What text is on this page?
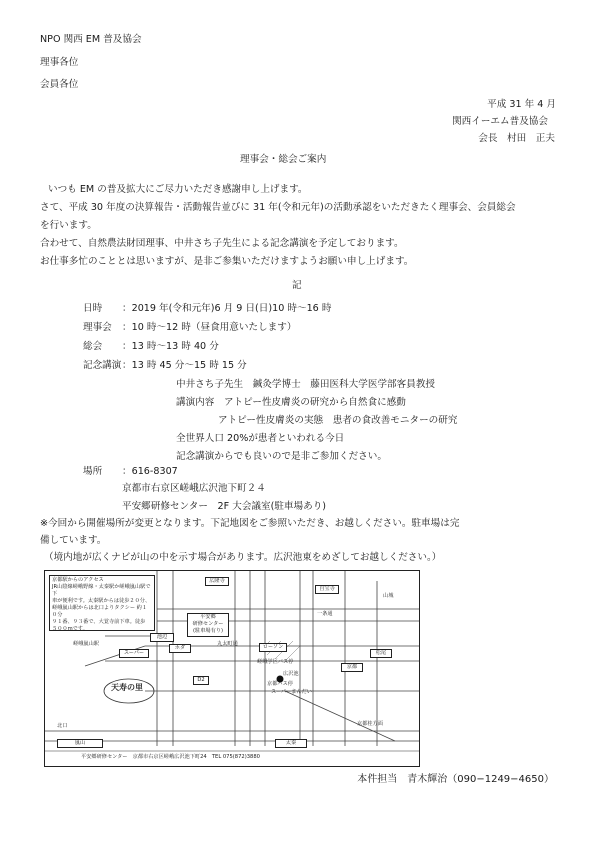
NPO 関西 EM 普及協会
理事各位
会員各位
平成 31 年 4 月
関西イーエム普及協会
会長　村田　正夫
理事会・総会ご案内
いつも EM の普及拡大にご尽力いただき感謝申し上げます。
さて、平成 30 年度の決算報告・活動報告並びに 31 年(令和元年)の活動承認をいただきたく理事会、会員総会
を行います。
合わせて、自然農法財団理事、中井さち子先生による記念講演を予定しております。
お仕事多忙のこととは思いますが、是非ご参集いただけますようお願い申し上げます。
記
日時 ：2019 年(令和元年)6 月 9 日(日)10 時〜16 時
理事会 ：10 時〜12 時（昼食用意いたします）
総会 ：13 時〜13 時 40 分
記念講演 ：13 時 45 分〜15 時 15 分
中井さち子先生　鍼灸学博士　藤田医科大学医学部客員教授
講演内容　アトピー性皮膚炎の研究から自然食に感動
アトピー性皮膚炎の実態　患者の食改善モニターの研究
全世界人口 20%が患者といわれる今日
記念講演からでも良いので是非ご参加ください。
場所 ：616-8307
京都市右京区嵯峨広沢池下町２４
平安郷研修センター　2F 大会議室(駐車場あり)
※今回から開催場所が変更となります。下記地図をご参照いただき、お越しください。駐車場は完
備しています。
（境内地が広くナビが山の中を示す場合があります。広沢池東をめざしてお越しください。）
京都駅からのアクセス
JR山陰線嵯峨野線・太秦駅か嵯峨嵐山駅で下
車が便利です。太秦駅からは徒歩２０分、
嵯峨嵐山駅からは北口よりタクシー 約１０分
９１番、９３番で、大覚寺前下車。徒歩
５００mです。
広隆寺
自宝寺
山城
一条通
平安郷
研修センター
(駐車場有り)
池辺
丸太町通
嵯峨嵐山駅
スーパー
ホダ	ローソン
京都
松尾
D2
嵯峨学区バス停
広沢池
京都バス停
スーパーまんだい
天寿の里
北口
嵐山	太秦
京都桂方面
平安郷研修センター　京都市右京区嵯峨広沢池下町24　TEL 075(872)3880
本件担当　青木輝治（090−1249−4650）
